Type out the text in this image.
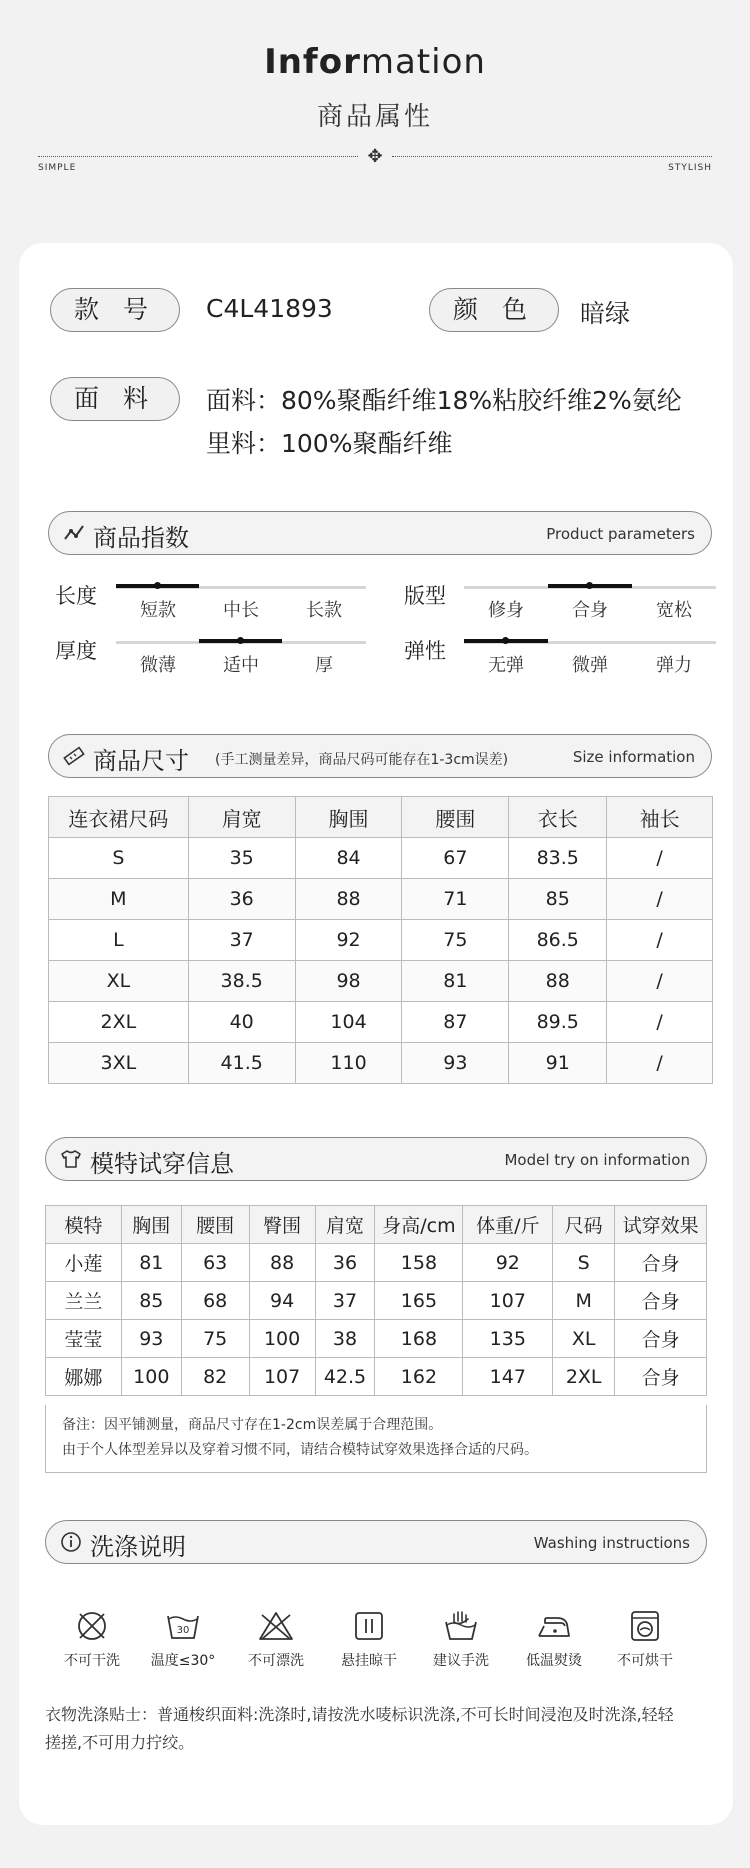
Information
商品属性
✥
SIMPLE	STYLISH
款 号	C4L41893	颜 色	暗绿
面 料	面料：80%聚酯纤维18%粘胶纤维2%氨纶
里料：100%聚酯纤维
商品指数	Product parameters
长度
短款	中长	长款
版型
修身	合身	宽松
厚度
微薄	适中	厚
弹性
无弹	微弹	弹力
商品尺寸 (手工测量差异，商品尺码可能存在1-3cm误差)	Size information
连衣裙尺码	肩宽	胸围	腰围	衣长	袖长
S	35	84	67	83.5	/
M	36	88	71	85	/
L	37	92	75	86.5	/
XL	38.5	98	81	88	/
2XL	40	104	87	89.5	/
3XL	41.5	110	93	91	/
模特试穿信息	Model try on information
模特	胸围	腰围	臀围	肩宽	身高/cm	体重/斤	尺码	试穿效果
小莲	81	63	88	36	158	92	S	合身
兰兰	85	68	94	37	165	107	M	合身
莹莹	93	75	100	38	168	135	XL	合身
娜娜	100	82	107	42.5	162	147	2XL	合身
备注：因平铺测量，商品尺寸存在1-2cm误差属于合理范围。
由于个人体型差异以及穿着习惯不同，请结合模特试穿效果选择合适的尺码。
洗涤说明	Washing instructions
不可干洗
30
温度≤30°	不可漂洗	悬挂晾干	建议手洗	低温熨烫	不可烘干
衣物洗涤贴士：普通梭织面料:洗涤时,请按洗水唛标识洗涤,不可长时间浸泡及时洗涤,轻轻
搓搓,不可用力拧绞。
